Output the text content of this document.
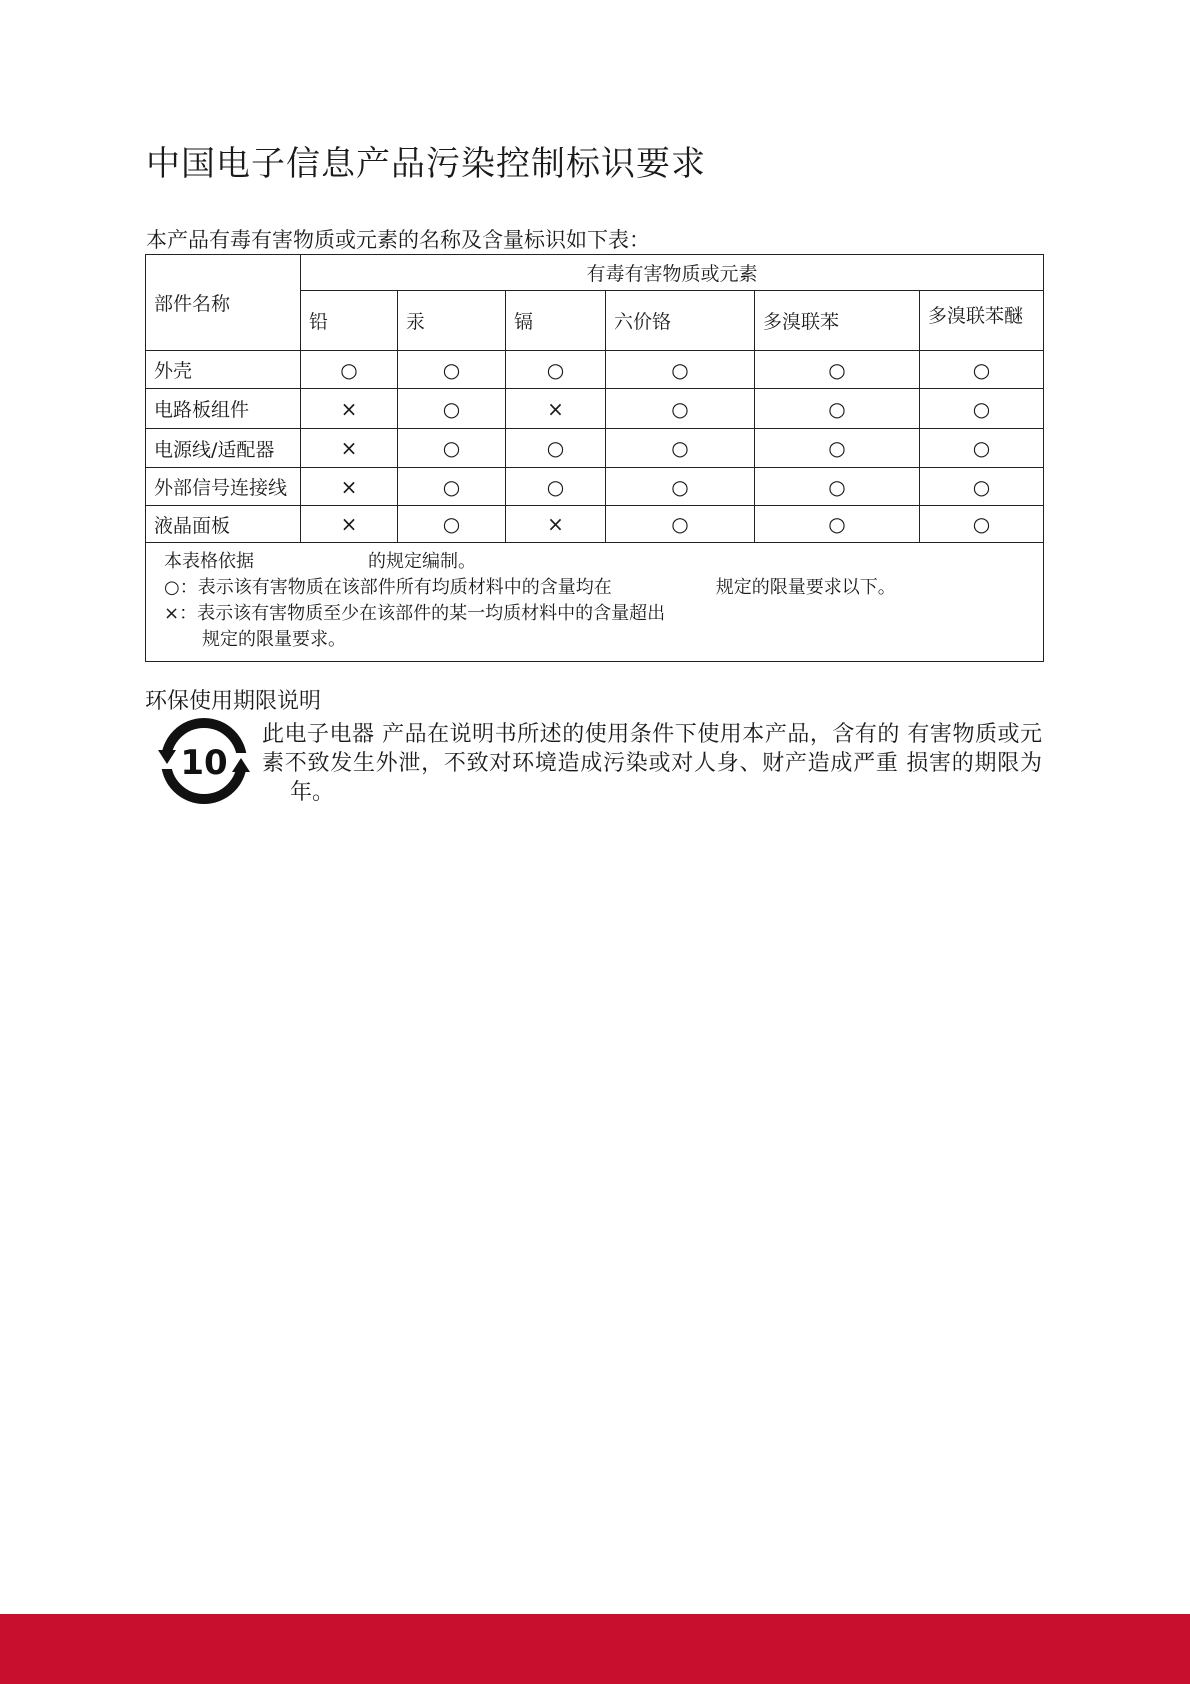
中国电子信息产品污染控制标识要求

本产品有毒有害物质或元素的名称及含量标识如下表：

部件名称	有毒有害物质或元素					
	铅	汞	镉	六价铬	多溴联苯	多溴联苯醚
外壳	○	○	○	○	○	○
电路板组件	×	○	×	○	○	○
电源线/适配器	×	○	○	○	○	○
外部信号连接线	×	○	○	○	○	○
液晶面板	×	○	×	○	○	○

本表格依据 的规定编制。
○：表示该有害物质在该部件所有均质材料中的含量均在 规定的限量要求以下。
×：表示该有害物质至少在该部件的某一均质材料中的含量超出
规定的限量要求。						
环保使用期限说明
10

此电子电器 产品在说明书所述的使用条件下使用本产品，含有的 有害物质或元素不致发生外泄，不致对环境造成污染或对人身、财产造成严重 损害的期限为年。
